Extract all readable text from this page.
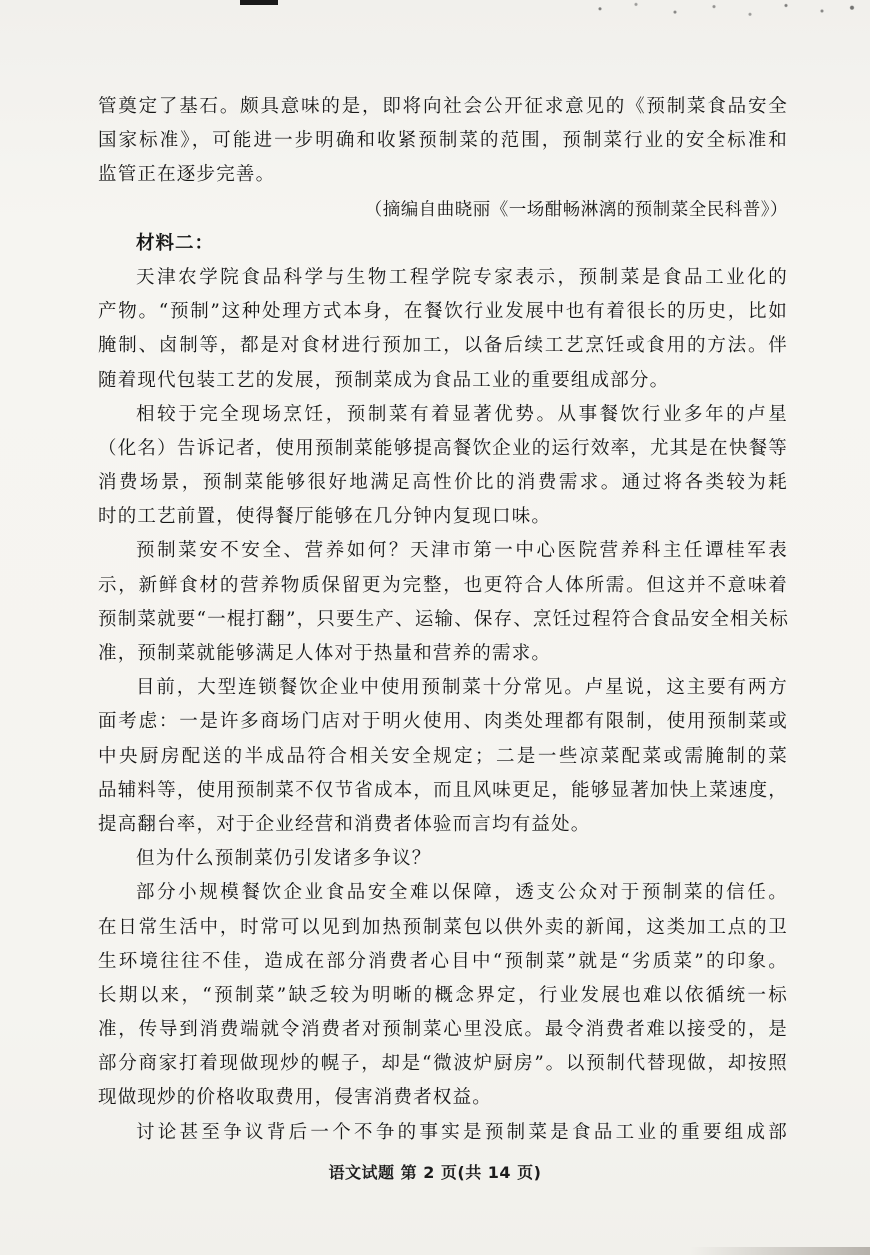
管奠定了基石。颇具意味的是，即将向社会公开征求意见的《预制菜食品安全
国家标准》，可能进一步明确和收紧预制菜的范围，预制菜行业的安全标准和
监管正在逐步完善。
（摘编自曲晓丽《一场酣畅淋漓的预制菜全民科普》）
材料二：
天津农学院食品科学与生物工程学院专家表示，预制菜是食品工业化的
产物。“预制”这种处理方式本身，在餐饮行业发展中也有着很长的历史，比如
腌制、卤制等，都是对食材进行预加工，以备后续工艺烹饪或食用的方法。伴
随着现代包装工艺的发展，预制菜成为食品工业的重要组成部分。
相较于完全现场烹饪，预制菜有着显著优势。从事餐饮行业多年的卢星
（化名）告诉记者，使用预制菜能够提高餐饮企业的运行效率，尤其是在快餐等
消费场景，预制菜能够很好地满足高性价比的消费需求。通过将各类较为耗
时的工艺前置，使得餐厅能够在几分钟内复现口味。
预制菜安不安全、营养如何？天津市第一中心医院营养科主任谭桂军表
示，新鲜食材的营养物质保留更为完整，也更符合人体所需。但这并不意味着
预制菜就要“一棍打翻”，只要生产、运输、保存、烹饪过程符合食品安全相关标
准，预制菜就能够满足人体对于热量和营养的需求。
目前，大型连锁餐饮企业中使用预制菜十分常见。卢星说，这主要有两方
面考虑：一是许多商场门店对于明火使用、肉类处理都有限制，使用预制菜或
中央厨房配送的半成品符合相关安全规定；二是一些凉菜配菜或需腌制的菜
品辅料等，使用预制菜不仅节省成本，而且风味更足，能够显著加快上菜速度，
提高翻台率，对于企业经营和消费者体验而言均有益处。
但为什么预制菜仍引发诸多争议？
部分小规模餐饮企业食品安全难以保障，透支公众对于预制菜的信任。
在日常生活中，时常可以见到加热预制菜包以供外卖的新闻，这类加工点的卫
生环境往往不佳，造成在部分消费者心目中“预制菜”就是“劣质菜”的印象。
长期以来，“预制菜”缺乏较为明晰的概念界定，行业发展也难以依循统一标
准，传导到消费端就令消费者对预制菜心里没底。最令消费者难以接受的，是
部分商家打着现做现炒的幌子，却是“微波炉厨房”。以预制代替现做，却按照
现做现炒的价格收取费用，侵害消费者权益。
讨论甚至争议背后一个不争的事实是预制菜是食品工业的重要组成部
语文试题 第 2 页(共 14 页)
